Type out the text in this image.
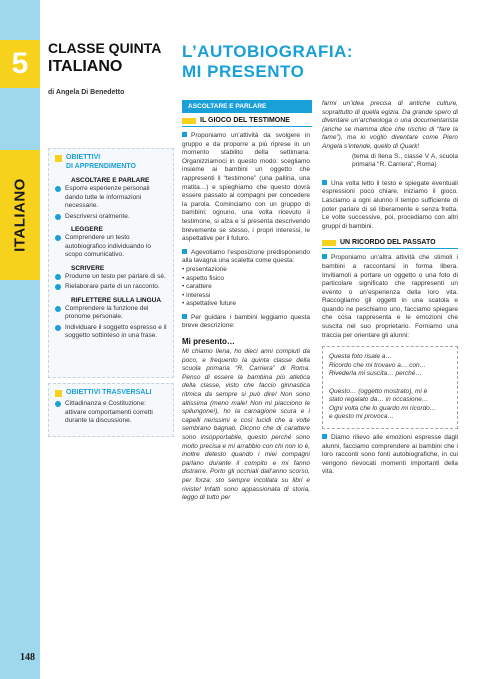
5
ITALIANO
148
CLASSE QUINTA
ITALIANO
di Angela Di Benedetto
L’AUTOBIOGRAFIA:
MI PRESENTO
OBIETTIVI
DI APPRENDIMENTO
ASCOLTARE E PARLARE
Esporre esperienze personali dando tutte le informazioni necessarie.
Descriversi oralmente.
LEGGERE
Comprendere un testo autobiografico individuando lo scopo comunicativo.
SCRIVERE
Produrre un testo per parlare di sé.
Rielaborare parte di un racconto.
RIFLETTERE SULLA LINGUA
Comprendere la funzione del pronome personale.
Individuare il soggetto espresso e il soggetto sottinteso in una frase.
OBIETTIVI TRASVERSALI
Cittadinanza e Costituzione: attivare comportamenti corretti durante la discussione.
ASCOLTARE E PARLARE
IL GIOCO DEL TESTIMONE
Proponiamo un’attività da svolgere in gruppo e da proporre a più riprese in un momento stabilito della settimana. Organizziamoci in questo modo: scegliamo insieme ai bambini un oggetto che rappresenti il “testimone” (una pallina, una matita…) e spieghiamo che questo dovrà essere passato ai compagni per concedere la parola. Cominciamo con un gruppo di bambini: ognuno, una volta ricevuto il testimone, si alza e si presenta descrivendo brevemente se stesso, i propri interessi, le aspettative per il futuro.
Agevoliamo l’esposizione predisponendo alla lavagna una scaletta come questa:
• presentazione
• aspetto fisico
• carattere
• interessi
• aspettative future
Per guidare i bambini leggiamo questa breve descrizione:
Mi presento…
Mi chiamo Ilena, ho dieci anni compiuti da poco, e frequento la quinta classe della scuola primaria “R. Carriera” di Roma. Penso di essere la bambina più atletica della classe, visto che faccio ginnastica ritmica da sempre si può dire! Non sono altissima (meno male! Non mi piacciono le spilungone!), ho la carnagione scura e i capelli nerissimi e così lucidi che a volte sembrano bagnati. Dicono che di carattere sono insopportabile, questo perché sono molto precisa e mi arrabbio con chi non lo è, inoltre detesto quando i miei compagni parlano durante il compito e mi fanno distrarre. Porto gli occhiali dall’anno scorso, per forza: sto sempre incollata su libri e riviste! Infatti sono appassionata di storia, leggo di tutto per
farmi un’idea precisa di antiche culture, soprattutto di quella egizia. Da grande spero di diventare un’archeologa o una documentarista (anche se mamma dice che rischio di “fare la fame”), ma io voglio diventare come Piero Angela s’intende, quello di Quark!
(tema di Ilena S., classe V A, scuola primaria “R. Carriera”, Roma)
Una volta letto il testo e spiegate eventuali espressioni poco chiare, iniziamo il gioco. Lasciamo a ogni alunno il tempo sufficiente di poter parlare di sé liberamente e senza fretta. Le volte successive, poi, procediamo con altri gruppi di bambini.
UN RICORDO DEL PASSATO
Proponiamo un’altra attività che stimoli i bambini a raccontarsi in forma libera. Invitiamoli a portare un oggetto o una foto di particolare significato che rappresenti un evento o un’esperienza della loro vita. Raccogliamo gli oggetti in una scatola e quando ne peschiamo uno, facciamo spiegare che cosa rappresenta e le emozioni che suscita nel suo proprietario. Forniamo una traccia per orientare gli alunni:
Questa foto risale a…
Ricordo che mi trovavo a… con…
Rivederla mi suscita… perché…
Questo… (oggetto mostrato), mi è
stato regalato da… in occasione…
Ogni volta che lo guardo mi ricordo…
e questo mi provoca…
Diamo rilievo alle emozioni espresse dagli alunni, facciamo comprendere ai bambini che i loro racconti sono fonti autobiografiche, in cui vengono rievocati momenti importanti della vita.
